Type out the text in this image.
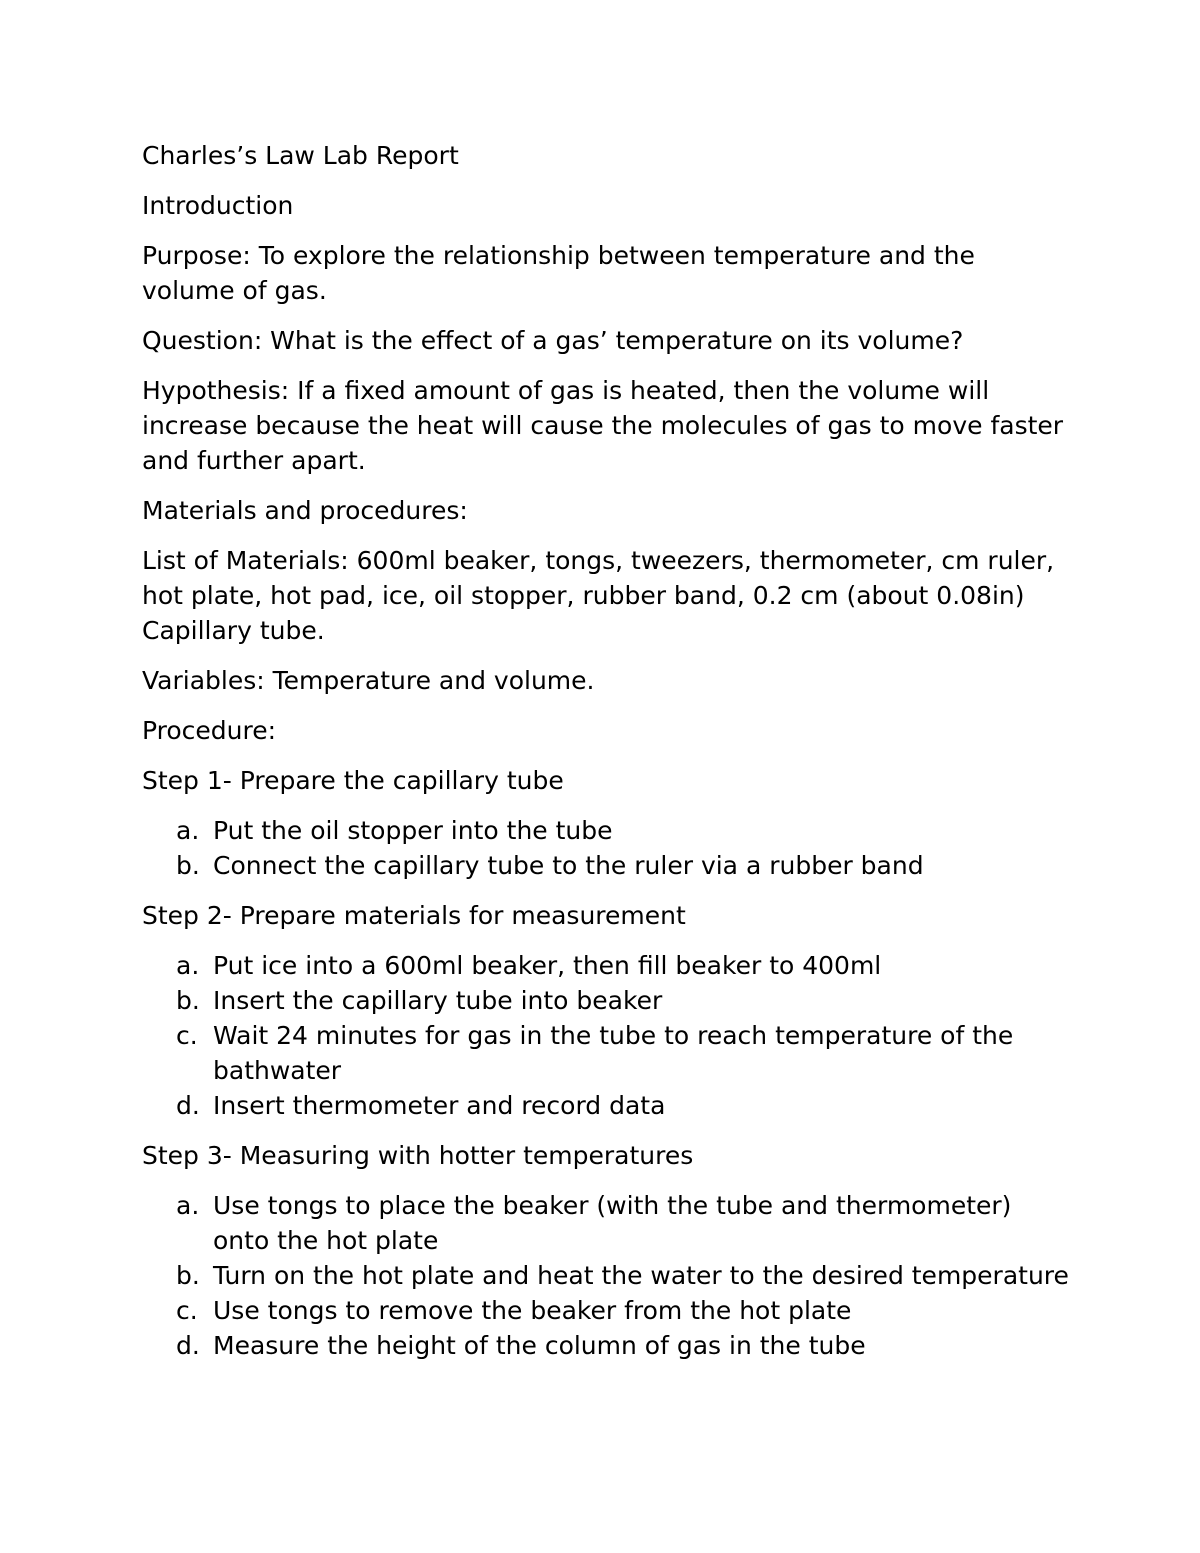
Charles’s Law Lab Report

Introduction

Purpose: To explore the relationship between temperature and the volume of gas.

Question: What is the effect of a gas’ temperature on its volume?

Hypothesis: If a fixed amount of gas is heated, then the volume will increase because the heat will cause the molecules of gas to move faster and further apart.

Materials and procedures:

List of Materials: 600ml beaker, tongs, tweezers, thermometer, cm ruler, hot plate, hot pad, ice, oil stopper, rubber band, 0.2 cm (about 0.08in) Capillary tube.

Variables: Temperature and volume.

Procedure:

Step 1- Prepare the capillary tube

a. Put the oil stopper into the tube
b. Connect the capillary tube to the ruler via a rubber band

Step 2- Prepare materials for measurement

a. Put ice into a 600ml beaker, then fill beaker to 400ml
b. Insert the capillary tube into beaker
c. Wait 24 minutes for gas in the tube to reach temperature of the bathwater
d. Insert thermometer and record data

Step 3- Measuring with hotter temperatures

a. Use tongs to place the beaker (with the tube and thermometer) onto the hot plate
b. Turn on the hot plate and heat the water to the desired temperature
c. Use tongs to remove the beaker from the hot plate
d. Measure the height of the column of gas in the tube
